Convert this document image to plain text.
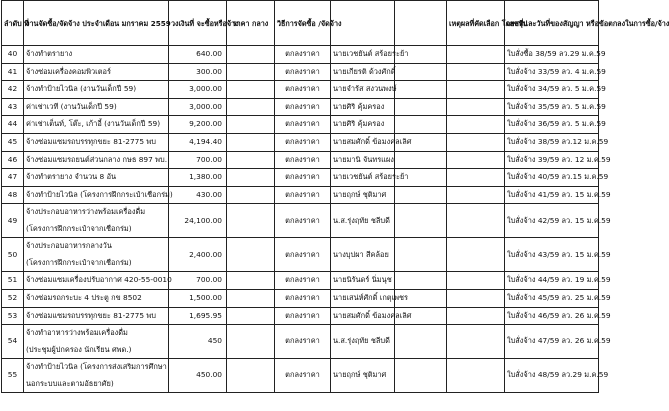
ลำดับ ที่	งานจัดซื้อ/จัดจ้าง ประจำเดือน มกราคม 2559	วงเงินที่ จะซื้อหรือจ้าง	ราคา กลาง	วิธีการจัดซื้อ /จัดจ้าง			เหตุผลที่คัดเลือก โดยสรุป	เลขที่และวันที่ของสัญญา หรือข้อตกลงในการซื้อ/จ้าง
40	จ้างทำตรายาง	640.00		ตกลงราคา	นายเวชยันต์ สร้อยระย้า			ใบสั่งซื้อ 38/59 ลว.29 ม.ค.59
41	จ้างซ่อมเครื่องคอมพิวเตอร์	300.00		ตกลงราคา	นายเกียรติ ด้วงศักดิ์			ใบสั่งจ้าง 33/59 ลว. 4 ม.ค.59
42	จ้างทำป้ายไวนิล (งานวันเด็กปี 59)	3,000.00		ตกลงราคา	นายจำรัส สงวนพงษ์			ใบสั่งจ้าง 34/59 ลว. 5 ม.ค.59
43	ค่าเช่าเวที (งานวันเด็กปี 59)	3,000.00		ตกลงราคา	นายศิริ คุ้มครอง			ใบสั่งจ้าง 35/59 ลว. 5 ม.ค.59
44	ค่าเช่าเต็นท์, โต๊ะ, เก้าอี้ (งานวันเด็กปี 59)	9,200.00		ตกลงราคา	นายศิริ คุ้มครอง			ใบสั่งจ้าง 36/59 ลว. 5 ม.ค.59
45	จ้างซ่อมแซมรถบรรทุกขยะ 81-2775 พบ	4,194.40		ตกลงราคา	นายสมศักดิ์ ข้อมงคลเลิศ			ใบสั่งจ้าง 38/59 ลว.12 ม.ค.59
46	จ้างซ่อมแซมรถยนต์ส่วนกลาง กษธ 897 พบ.	700.00		ตกลงราคา	นายมานิ จันทรแผง			ใบสั่งจ้าง 39/59 ลว. 12 ม.ค.59
47	จ้างทำตรายาง จำนวน 8 อัน	1,380.00		ตกลงราคา	นายเวชยันต์ สร้อยระย้า			ใบสั่งจ้าง 40/59 ลว.15 ม.ค.59
48	จ้างทำป้ายไวนิล (โครงการฝึกกระเป๋าเชือกร่ม)	430.00		ตกลงราคา	นายฤกษ์ ชุติมาศ			ใบสั่งจ้าง 41/59 ลว. 15 ม.ค.59
49	จ้างประกอบอาหารว่างพร้อมเครื่องดื่ม
(โครงการฝึกกระเป๋าจากเชือกร่ม)	24,100.00		ตกลงราคา	น.ส.รุ่งฤทัย ชลีบดี			ใบสั่งจ้าง 42/59 ลว. 15 ม.ค.59
50	จ้างประกอบอาหารกลางวัน
(โครงการฝึกกระเป๋าจากเชือกร่ม)	2,400.00		ตกลงราคา	นางบุปผา สีคล้อย			ใบสั่งจ้าง 43/59 ลว. 15 ม.ค.59
51	จ้างซ่อมแซมเครื่องปรับอากาศ 420-55-0010	700.00		ตกลงราคา	นายนิรันดร์ นิ่มนุช			ใบสั่งจ้าง 44/59 ลว. 19 ม.ค.59
52	จ้างซ่อมรถกระบะ 4 ประตู กข 8502	1,500.00		ตกลงราคา	นายเสน่ห์ศักดิ์ เกตุเพชร			ใบสั่งจ้าง 45/59 ลว. 25 ม.ค.59
53	จ้างซ่อมแซมรถบรรทุกขยะ 81-2775 พบ	1,695.95		ตกลงราคา	นายสมศักดิ์ ข้อมงคลเลิศ			ใบสั่งจ้าง 46/59 ลว. 26 ม.ค.59
54	จ้างทำอาหารว่างพร้อมเครื่องดื่ม
(ประชุมผู้ปกครอง นักเรียน ศพด.)	450		ตกลงราคา	น.ส.รุ่งฤทัย ชลีบดี			ใบสั่งจ้าง 47/59 ลว. 26 ม.ค.59
55	จ้างทำป้ายไวนิล (โครงการส่งเสริมการศึกษา
นอกระบบและตามอัธยาศัย)	450.00		ตกลงราคา	นายฤกษ์ ชุติมาศ			ใบสั่งจ้าง 48/59 ลว.29 ม.ค.59
